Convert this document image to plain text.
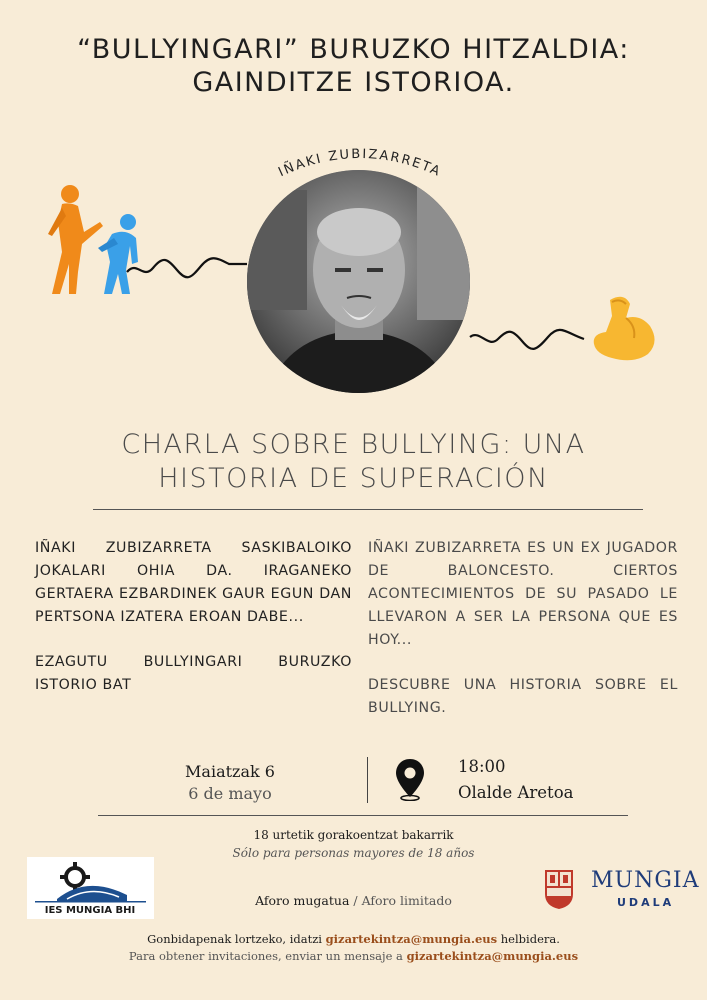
“BULLYINGARI” BURUZKO HITZALDIA:
GAINDITZE ISTORIOA.
IÑAKI ZUBIZARRETA
CHARLA SOBRE BULLYING: UNA
HISTORIA DE SUPERACIÓN

IÑAKI ZUBIZARRETA SASKIBALOIKO JOKALARI OHIA DA. IRAGANEKO GERTAERA EZBARDINEK GAUR EGUN DAN PERTSONA IZATERA EROAN DABE...

EZAGUTU BULLYINGARI BURUZKO ISTORIO BAT

IÑAKI ZUBIZARRETA ES UN EX JUGADOR DE BALONCESTO. CIERTOS ACONTECIMIENTOS DE SU PASADO LE LLEVARON A SER LA PERSONA QUE ES HOY...

DESCUBRE UNA HISTORIA SOBRE EL BULLYING.

Maiatzak 6
6 de mayo
18:00
Olalde Aretoa
18 urtetik gorakoentzat bakarrik
Sólo para personas mayores de 18 años
IES MUNGIA BHI
Aforo mugatua / Aforo limitado
MUNGIA
UDALA
Gonbidapenak lortzeko, idatzi gizartekintza@mungia.eus helbidera.
Para obtener invitaciones, enviar un mensaje a gizartekintza@mungia.eus
